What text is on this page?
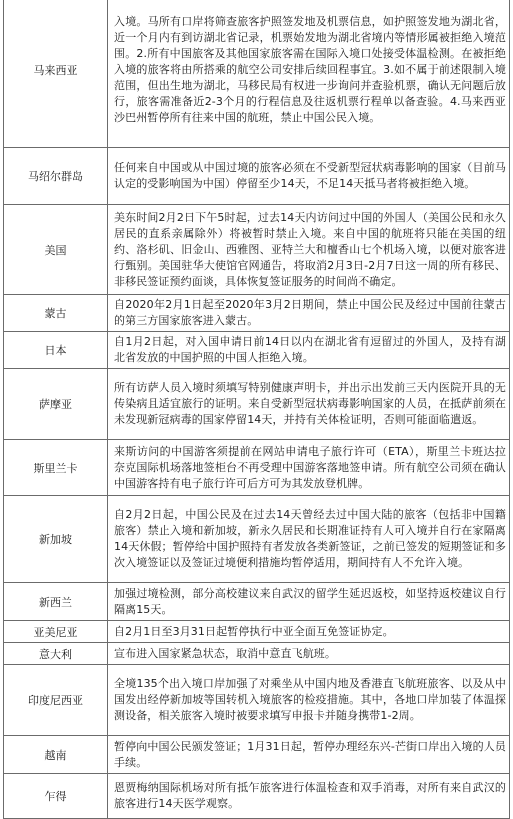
马来西亚	入境。马所有口岸将筛查旅客护照签发地及机票信息，如护照签发地为湖北省，近一个月内有到访湖北省记录，机票始发地为湖北省境内等情形属被拒绝入境范围。2.所有中国旅客及其他国家旅客需在国际入境口处接受体温检测。在被拒绝入境的旅客将由所搭乘的航空公司安排后续回程事宜。3.如不属于前述限制入境范围，但出生地为湖北，马移民局有权进一步询问并查验机票，确认无问题后放行，旅客需准备近2-3个月的行程信息及往返机票行程单以备查验。4.马来西亚沙巴州暂停所有往来中国的航班，禁止中国公民入境。
马绍尔群岛	任何来自中国或从中国过境的旅客必须在不受新型冠状病毒影响的国家（目前马认定的受影响国为中国）停留至少14天，不足14天抵马者将被拒绝入境。
美国	美东时间2月2日下午5时起，过去14天内访问过中国的外国人（美国公民和永久居民的直系亲属除外）将被暂时禁止入境。来自中国的航班将只能在美国的纽约、洛杉矶、旧金山、西雅图、亚特兰大和檀香山七个机场入境，以便对旅客进行甄别。美国驻华大使馆官网通告，将取消2月3日-2月7日这一周的所有移民、非移民签证预约面谈，具体恢复签证服务的时间尚不确定。
蒙古	自2020年2月1日起至2020年3月2日期间，禁止中国公民及经过中国前往蒙古的第三方国家旅客进入蒙古。
日本	自1月2日起，对入国申请日前14日以内在湖北省有逗留过的外国人，及持有湖北省发放的中国护照的中国人拒绝入境。
萨摩亚	所有访萨人员入境时须填写特别健康声明卡，并出示出发前三天内医院开具的无传染病且适宜旅行的证明。来自受新型冠状病毒影响国家的人员，在抵萨前须在未发现新冠病毒的国家停留14天，并持有关体检证明，否则可能面临遣返。
斯里兰卡	来斯访问的中国游客须提前在网站申请电子旅行许可（ETA），斯里兰卡班达拉奈克国际机场落地签柜台不再受理中国游客落地签申请。所有航空公司须在确认中国游客持有电子旅行许可后方可为其发放登机牌。
新加坡	自2月2日起，中国公民及在过去14天曾经去过中国大陆的旅客（包括非中国籍旅客）禁止入境和新加坡，新永久居民和长期准证持有人可入境并自行在家隔离14天休假；暂停给中国护照持有者发放各类新签证，之前已签发的短期签证和多次入境签证以及签证过境便利措施均暂停适用，期间持有人不允许入境。
新西兰	加强过境检测，部分高校建议来自武汉的留学生延迟返校，如坚持返校建议自行隔离15天。
亚美尼亚	自2月1日至3月31日起暂停执行中亚全面互免签证协定。
意大利	宣布进入国家紧急状态，取消中意直飞航班。
印度尼西亚	全境135个出入境口岸加强了对乘坐从中国内地及香港直飞航班旅客、以及从中国发出经停新加坡等国转机入境旅客的检疫措施。其中，各地口岸加装了体温探测设备，相关旅客入境时被要求填写申报卡并随身携带1-2周。
越南	暂停向中国公民颁发签证；1月31日起，暂停办理经东兴-芒街口岸出入境的人员手续。
乍得	恩贾梅纳国际机场对所有抵乍旅客进行体温检查和双手消毒，对所有来自武汉的旅客进行14天医学观察。
